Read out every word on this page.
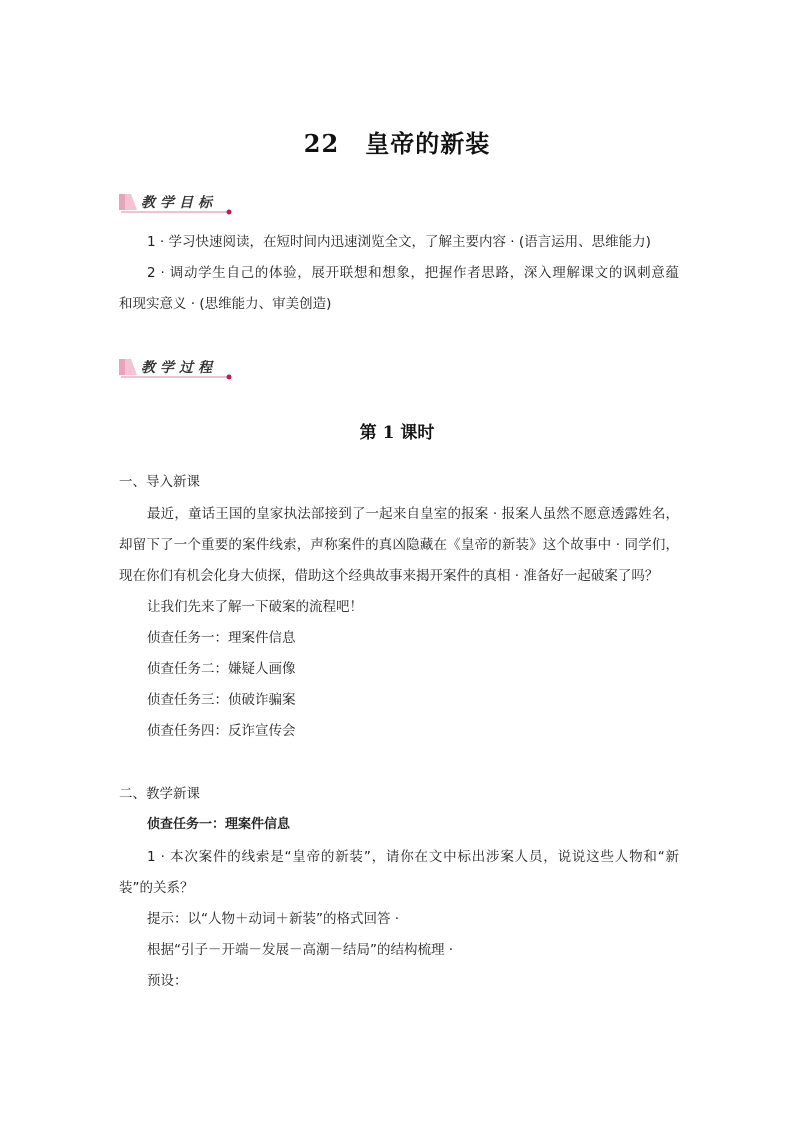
22 皇帝的新装
教学目标

1 · 学习快速阅读，在短时间内迅速浏览全文，了解主要内容 · (语言运用、思维能力)

2 · 调动学生自己的体验，展开联想和想象，把握作者思路，深入理解课文的讽刺意蕴

和现实意义 · (思维能力、审美创造)

教学过程
第 1 课时

一、导入新课

最近，童话王国的皇家执法部接到了一起来自皇室的报案 · 报案人虽然不愿意透露姓名，

却留下了一个重要的案件线索，声称案件的真凶隐藏在《皇帝的新装》这个故事中 · 同学们，

现在你们有机会化身大侦探，借助这个经典故事来揭开案件的真相 · 准备好一起破案了吗？

让我们先来了解一下破案的流程吧！

侦查任务一：理案件信息

侦查任务二：嫌疑人画像

侦查任务三：侦破诈骗案

侦查任务四：反诈宣传会

二、教学新课

侦查任务一：理案件信息

1 · 本次案件的线索是“皇帝的新装”，请你在文中标出涉案人员，说说这些人物和“新

装”的关系？

提示：以“人物＋动词＋新装”的格式回答 ·

根据“引子－开端－发展－高潮－结局”的结构梳理 ·

预设：
